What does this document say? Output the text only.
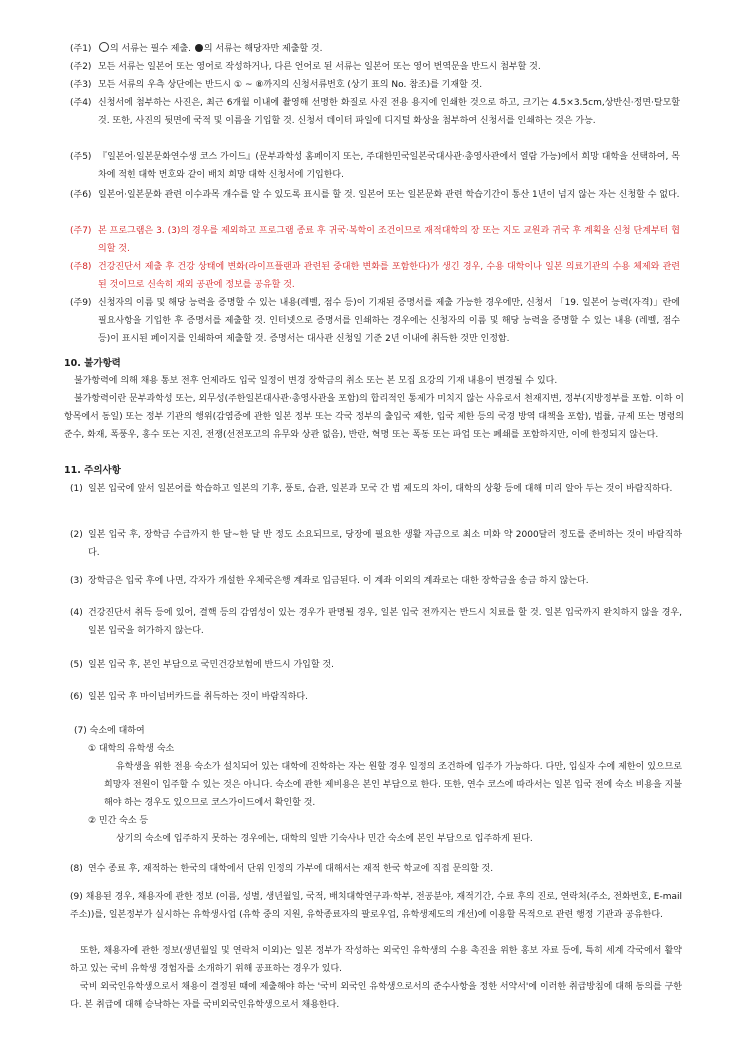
(주1)	의 서류는 필수 제출. 의 서류는 해당자만 제출할 것.
(주2) 모든 서류는 일본어 또는 영어로 작성하거나, 다른 언어로 된 서류는 일본어 또는 영어 번역문을 반드시 첨부할 것.
(주3) 모든 서류의 우측 상단에는 반드시 ① ~ ⑧까지의 신청서류번호 (상기 표의 No. 참조)를 기재할 것.
(주4) 신청서에 첨부하는 사진은, 최근 6개월 이내에 촬영해 선명한 화질로 사진 전용 용지에 인쇄한 것으로 하고, 크기는 4.5×3.5cm,상반신·정면·탈모할 것. 또한, 사진의 뒷면에 국적 및 이름을 기입할 것. 신청서 데이터 파일에 디지털 화상을 첨부하여 신청서를 인쇄하는 것은 가능.
(주5) 『일본어·일본문화연수생 코스 가이드』(문부과학성 홈페이지 또는, 주대한민국일본국대사관·총영사관에서 열람 가능)에서 희망 대학을 선택하여, 목차에 적힌 대학 번호와 같이 배치 희망 대학 신청서에 기입한다.
(주6) 일본어·일본문화 관련 이수과목 개수를 알 수 있도록 표시를 할 것. 일본어 또는 일본문화 관련 학습기간이 통산 1년이 넘지 않는 자는 신청할 수 없다.
(주7) 본 프로그램은 3. (3)의 경우를 제외하고 프로그램 종료 후 귀국·복학이 조건이므로 재적대학의 장 또는 지도 교원과 귀국 후 계획을 신청 단계부터 협의할 것.
(주8) 건강진단서 제출 후 건강 상태에 변화(라이프플랜과 관련된 중대한 변화를 포함한다)가 생긴 경우, 수용 대학이나 일본 의료기관의 수용 체제와 관련된 것이므로 신속히 재외 공관에 정보를 공유할 것.
(주9) 신청자의 이름 및 해당 능력을 증명할 수 있는 내용(레벨, 점수 등)이 기재된 증명서를 제출 가능한 경우에만, 신청서 「19. 일본어 능력(자격)」란에 필요사항을 기입한 후 증명서를 제출할 것. 인터넷으로 증명서를 인쇄하는 경우에는 신청자의 이름 및 해당 능력을 증명할 수 있는 내용 (레벨, 점수 등)이 표시된 페이지를 인쇄하여 제출할 것. 증명서는 대사관 신청일 기준 2년 이내에 취득한 것만 인정함.
10. 불가항력
불가항력에 의해 채용 통보 전후 언제라도 입국 일정이 변경 장학금의 취소 또는 본 모집 요강의 기재 내용이 변경될 수 있다.
불가항력이란 문부과학성 또는, 외무성(주한일본대사관·총영사관을 포함)의 합리적인 통제가 미치지 않는 사유로서 천재지변, 정부(지방정부를 포함. 이하 이 항목에서 동일) 또는 정부 기관의 행위(감염증에 관한 일본 정부 또는 각국 정부의 출입국 제한, 입국 제한 등의 국경 방역 대책을 포함), 법률, 규제 또는 명령의 준수, 화재, 폭풍우, 홍수 또는 지진, 전쟁(선전포고의 유무와 상관 없음), 반란, 혁명 또는 폭동 또는 파업 또는 폐쇄를 포함하지만, 이에 한정되지 않는다.
11. 주의사항
(1) 일본 입국에 앞서 일본어를 학습하고 일본의 기후, 풍토, 습관, 일본과 모국 간 법 제도의 차이, 대학의 상황 등에 대해 미리 알아 두는 것이 바람직하다.
(2) 일본 입국 후, 장학금 수급까지 한 달~한 달 반 정도 소요되므로, 당장에 필요한 생활 자금으로 최소 미화 약 2000달러 정도를 준비하는 것이 바람직하다.
(3) 장학금은 입국 후에 나면, 각자가 개설한 우체국은행 계좌로 입금된다. 이 계좌 이외의 계좌로는 대한 장학금을 송금 하지 않는다.
(4) 건강진단서 취득 등에 있어, 결핵 등의 감염성이 있는 경우가 판명될 경우, 일본 입국 전까지는 반드시 치료를 할 것. 일본 입국까지 완치하지 않을 경우, 일본 입국을 허가하지 않는다.
(5) 일본 입국 후, 본인 부담으로 국민건강보험에 반드시 가입할 것.
(6) 일본 입국 후 마이넘버카드를 취득하는 것이 바람직하다.
(7) 숙소에 대하여
① 대학의 유학생 숙소
유학생을 위한 전용 숙소가 설치되어 있는 대학에 진학하는 자는 원할 경우 일정의 조건하에 입주가 가능하다. 다만, 입실자 수에 제한이 있으므로 희망자 전원이 입주할 수 있는 것은 아니다. 숙소에 관한 제비용은 본인 부담으로 한다. 또한, 연수 코스에 따라서는 일본 입국 전에 숙소 비용을 지불해야 하는 경우도 있으므로 코스가이드에서 확인할 것.
② 민간 숙소 등
상기의 숙소에 입주하지 못하는 경우에는, 대학의 일반 기숙사나 민간 숙소에 본인 부담으로 입주하게 된다.
(8) 연수 종료 후, 재적하는 한국의 대학에서 단위 인정의 가부에 대해서는 재적 한국 학교에 직접 문의할 것.
(9) 채용된 경우, 채용자에 관한 정보 (이름, 성별, 생년월일, 국적, 배치대학연구과·학부, 전공분야, 재적기간, 수료 후의 진로, 연락처(주소, 전화번호, E-mail 주소))를, 일본정부가 실시하는 유학생사업 (유학 중의 지원, 유학종료자의 팔로우업, 유학생제도의 개선)에 이용할 목적으로 관련 행정 기관과 공유한다.
또한, 채용자에 관한 정보(생년월일 및 연락처 이외)는 일본 정부가 작성하는 외국인 유학생의 수용 촉진을 위한 홍보 자료 등에, 특히 세계 각국에서 활약하고 있는 국비 유학생 경험자를 소개하기 위해 공표하는 경우가 있다.
국비 외국인유학생으로서 채용이 결정된 때에 제출해야 하는 '국비 외국인 유학생으로서의 준수사항을 정한 서약서'에 이러한 취급방침에 대해 동의를 구한다. 본 취급에 대해 승낙하는 자를 국비외국인유학생으로서 채용한다.
